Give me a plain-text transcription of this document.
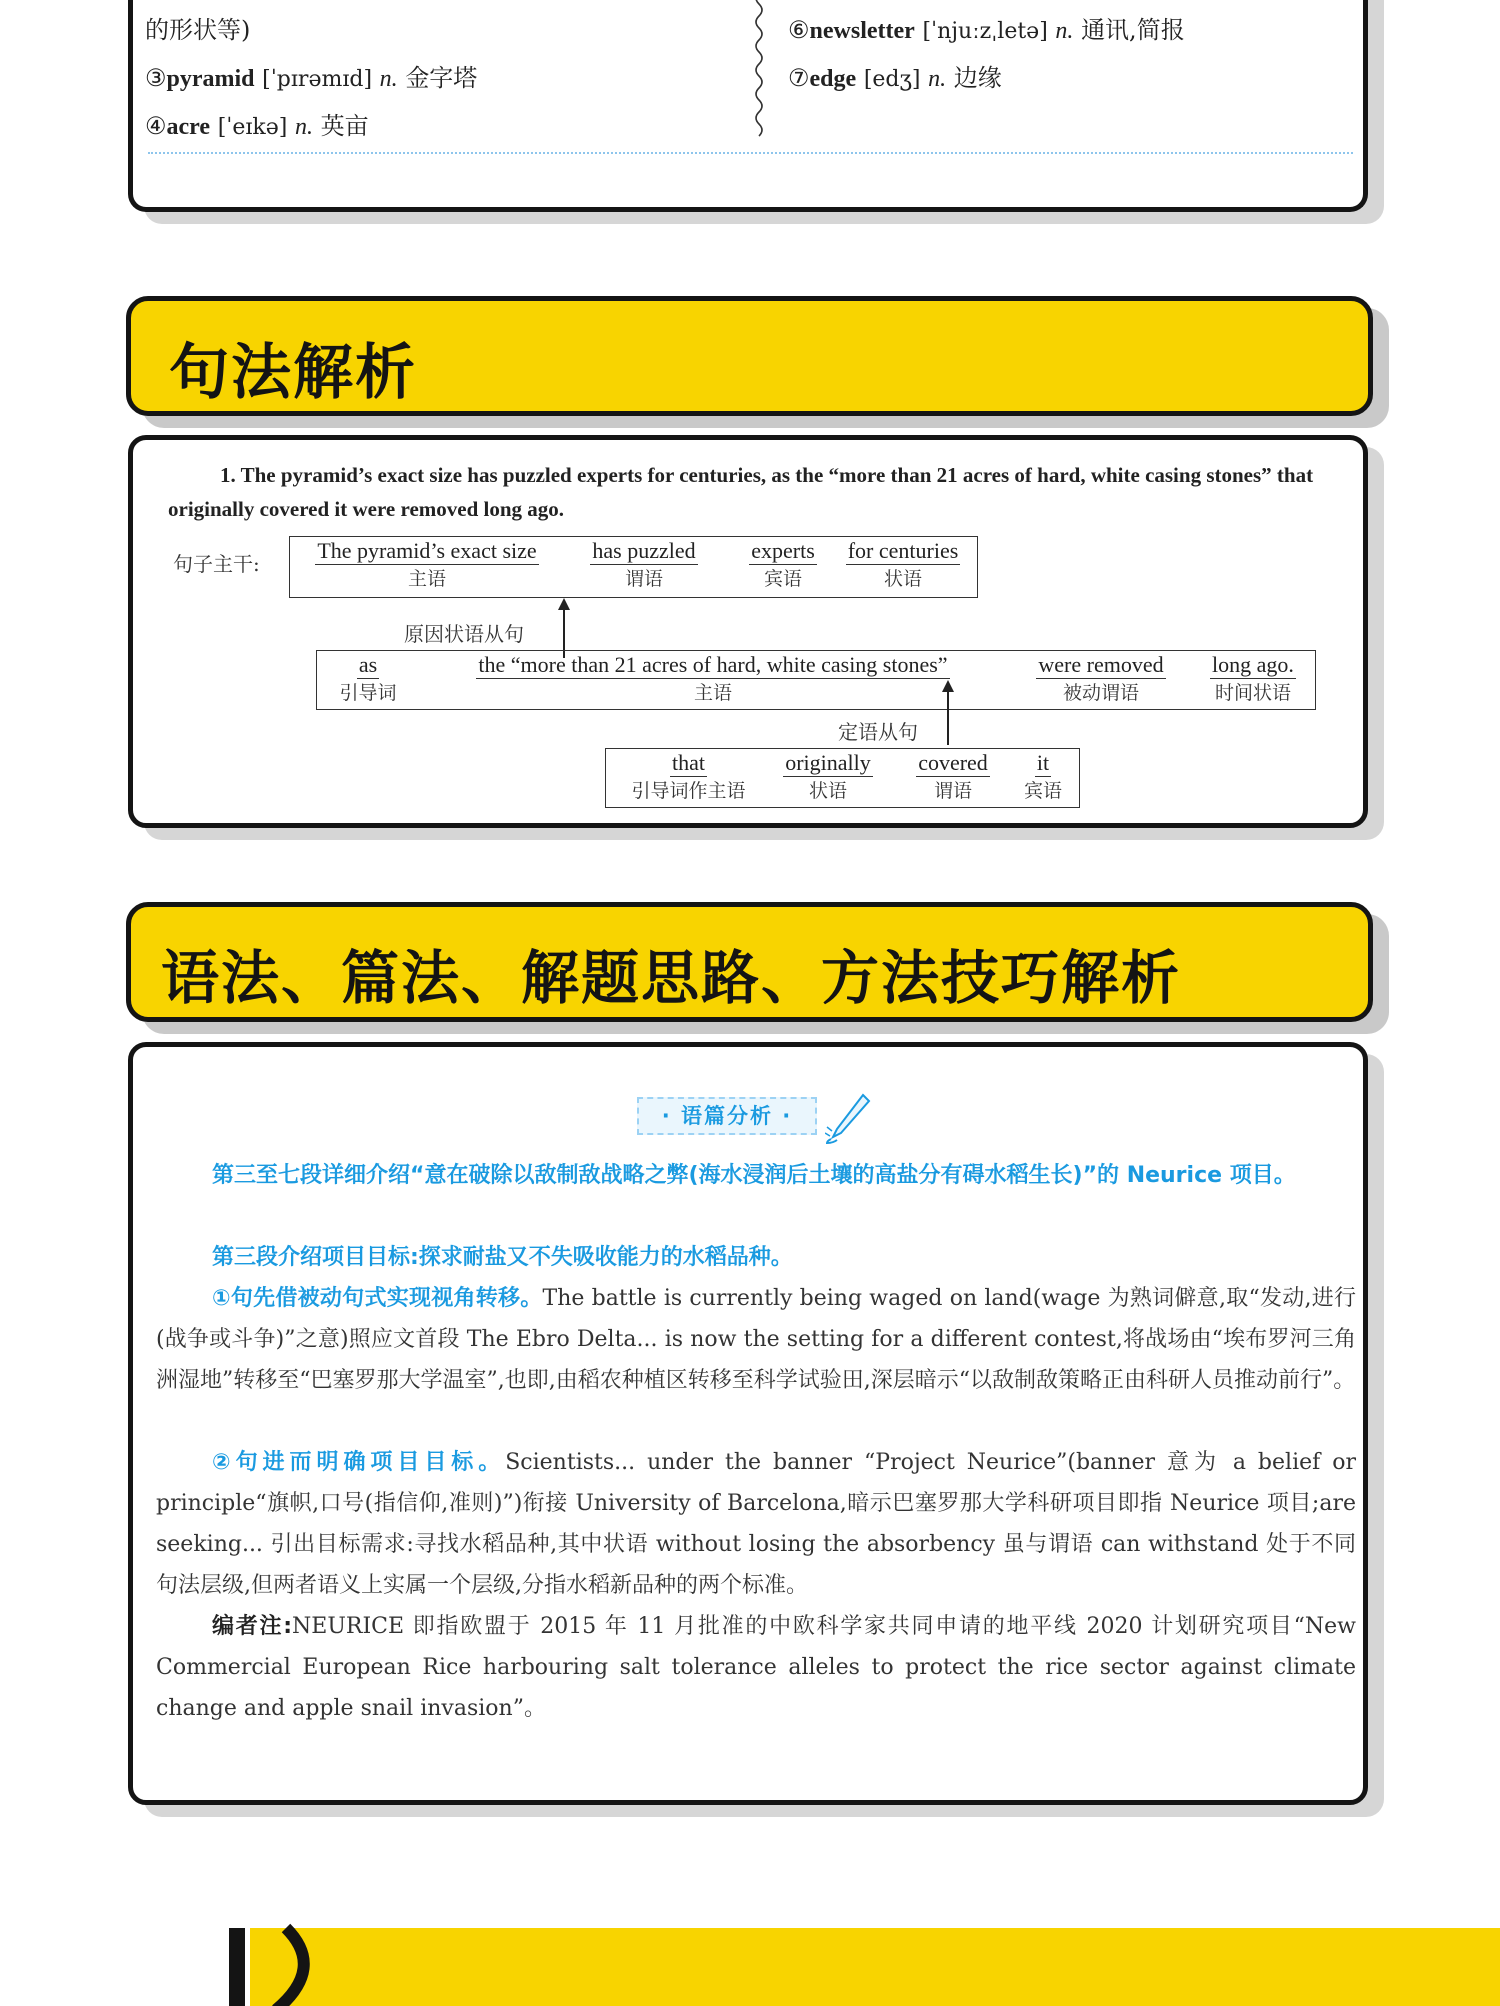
的形状等)
③pyramid [ˈpɪrəmɪd] n. 金字塔
④acre [ˈeɪkə] n. 英亩
⑥newsletter [ˈnjuːzˌletə] n. 通讯,简报
⑦edge [edʒ] n. 边缘
句法解析
1. The pyramid’s exact size has puzzled experts for centuries, as the “more than 21 acres of hard, white casing stones” that originally covered it were removed long ago.
句子主干:
The pyramid’s exact size
主语
has puzzled
谓语
experts
宾语
for centuries
状语
原因状语从句
as
引导词
the “more than 21 acres of hard, white casing stones”
主语
were removed
被动谓语
long ago.
时间状语
定语从句
that
引导词作主语
originally
状语
covered
谓语
it
宾语
语法、篇法、解题思路、方法技巧解析
· 语篇分析 ·
第三至七段详细介绍“意在破除以敌制敌战略之弊(海水浸润后土壤的高盐分有碍水稻生长)”的 Neurice 项目。
第三段介绍项目目标:探求耐盐又不失吸收能力的水稻品种。
①句先借被动句式实现视角转移。The battle is currently being waged on land(wage 为熟词僻意,取“发动,进行(战争或斗争)”之意)照应文首段 The Ebro Delta... is now the setting for a different contest,将战场由“埃布罗河三角洲湿地”转移至“巴塞罗那大学温室”,也即,由稻农种植区转移至科学试验田,深层暗示“以敌制敌策略正由科研人员推动前行”。
②句进而明确项目目标。Scientists... under the banner “Project Neurice”(banner 意为 a belief or principle“旗帜,口号(指信仰,准则)”)衔接 University of Barcelona,暗示巴塞罗那大学科研项目即指 Neurice 项目;are seeking... 引出目标需求:寻找水稻品种,其中状语 without losing the absorbency 虽与谓语 can withstand 处于不同句法层级,但两者语义上实属一个层级,分指水稻新品种的两个标准。
编者注:NEURICE 即指欧盟于 2015 年 11 月批准的中欧科学家共同申请的地平线 2020 计划研究项目“New Commercial European Rice harbouring salt tolerance alleles to protect the rice sector against climate change and apple snail invasion”。
